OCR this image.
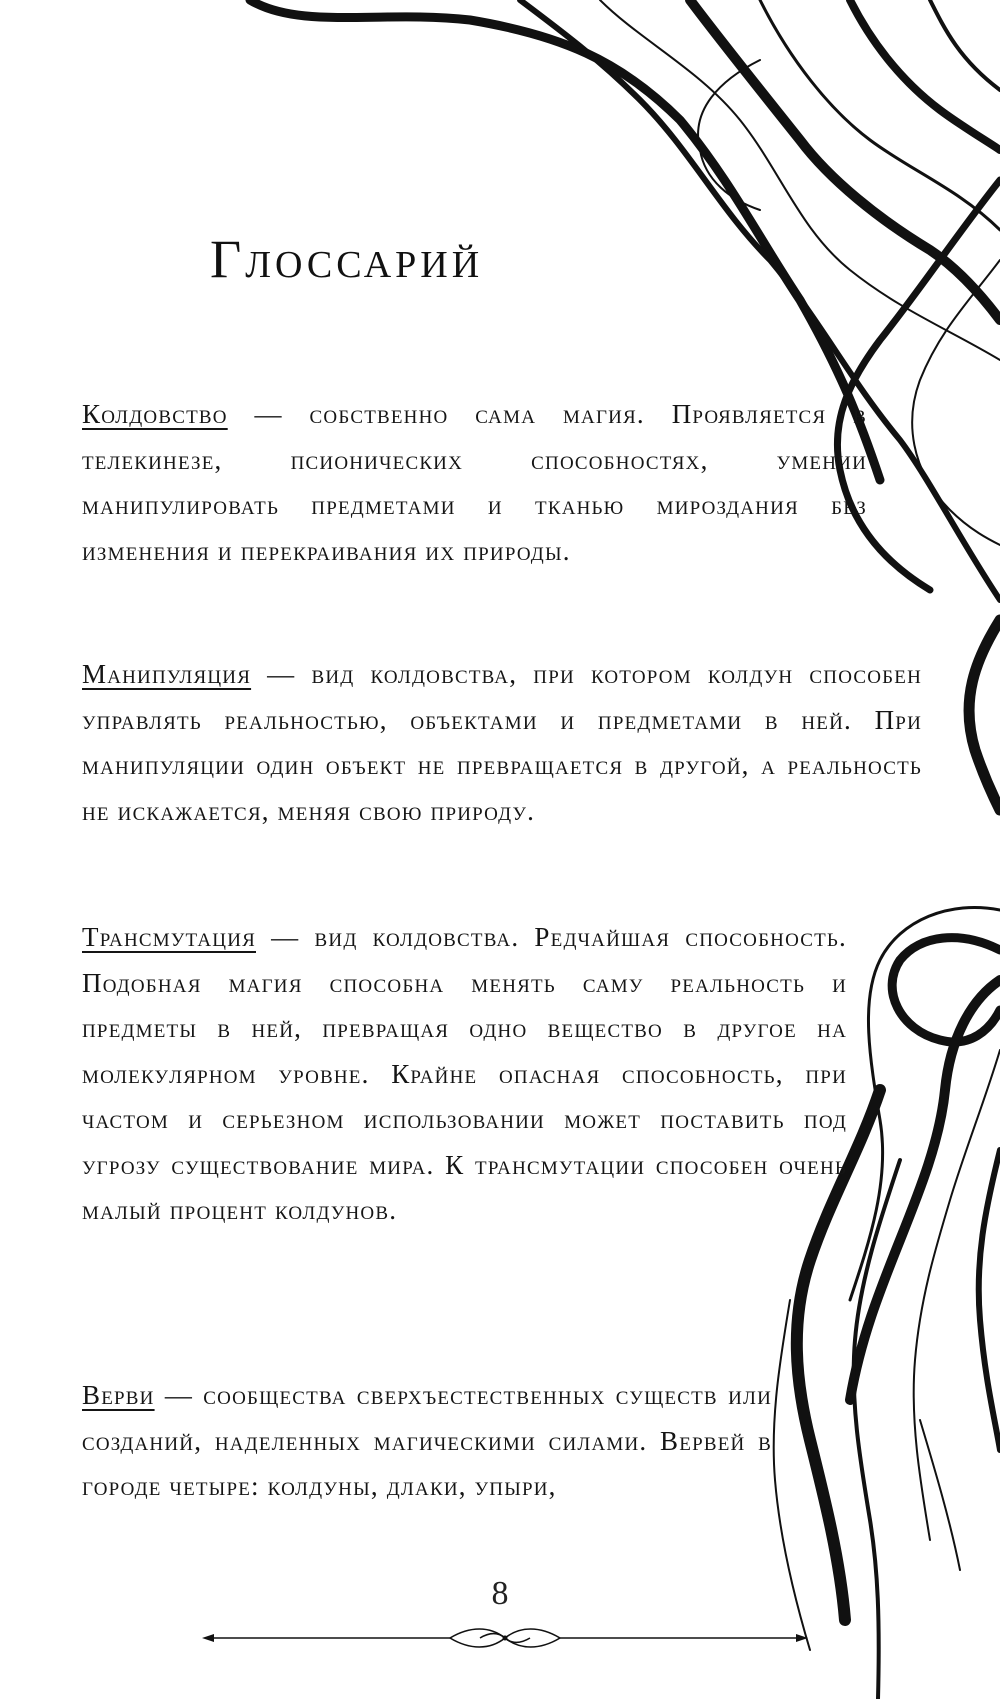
Глоссарий
Колдовство — собственно сама магия. Проявляется в телекинезе, псионических способностях, умении манипулировать предметами и тканью мироздания без изменения и перекраивания их природы.
Манипуляция — вид колдовства, при котором колдун способен управлять реальностью, объектами и предметами в ней. При манипуляции один объект не превращается в другой, а реальность не искажается, меняя свою природу.
Трансмутация — вид колдовства. Редчайшая способность. Подобная магия способна менять саму реальность и предметы в ней, превращая одно вещество в другое на молекулярном уровне. Крайне опасная способность, при частом и серьезном использовании может поставить под угрозу существование мира. К трансмутации способен очень малый процент колдунов.
Верви — сообщества сверхъестественных существ или созданий, наделенных магическими силами. Вервей в городе четыре: колдуны, длаки, упыри,
8
